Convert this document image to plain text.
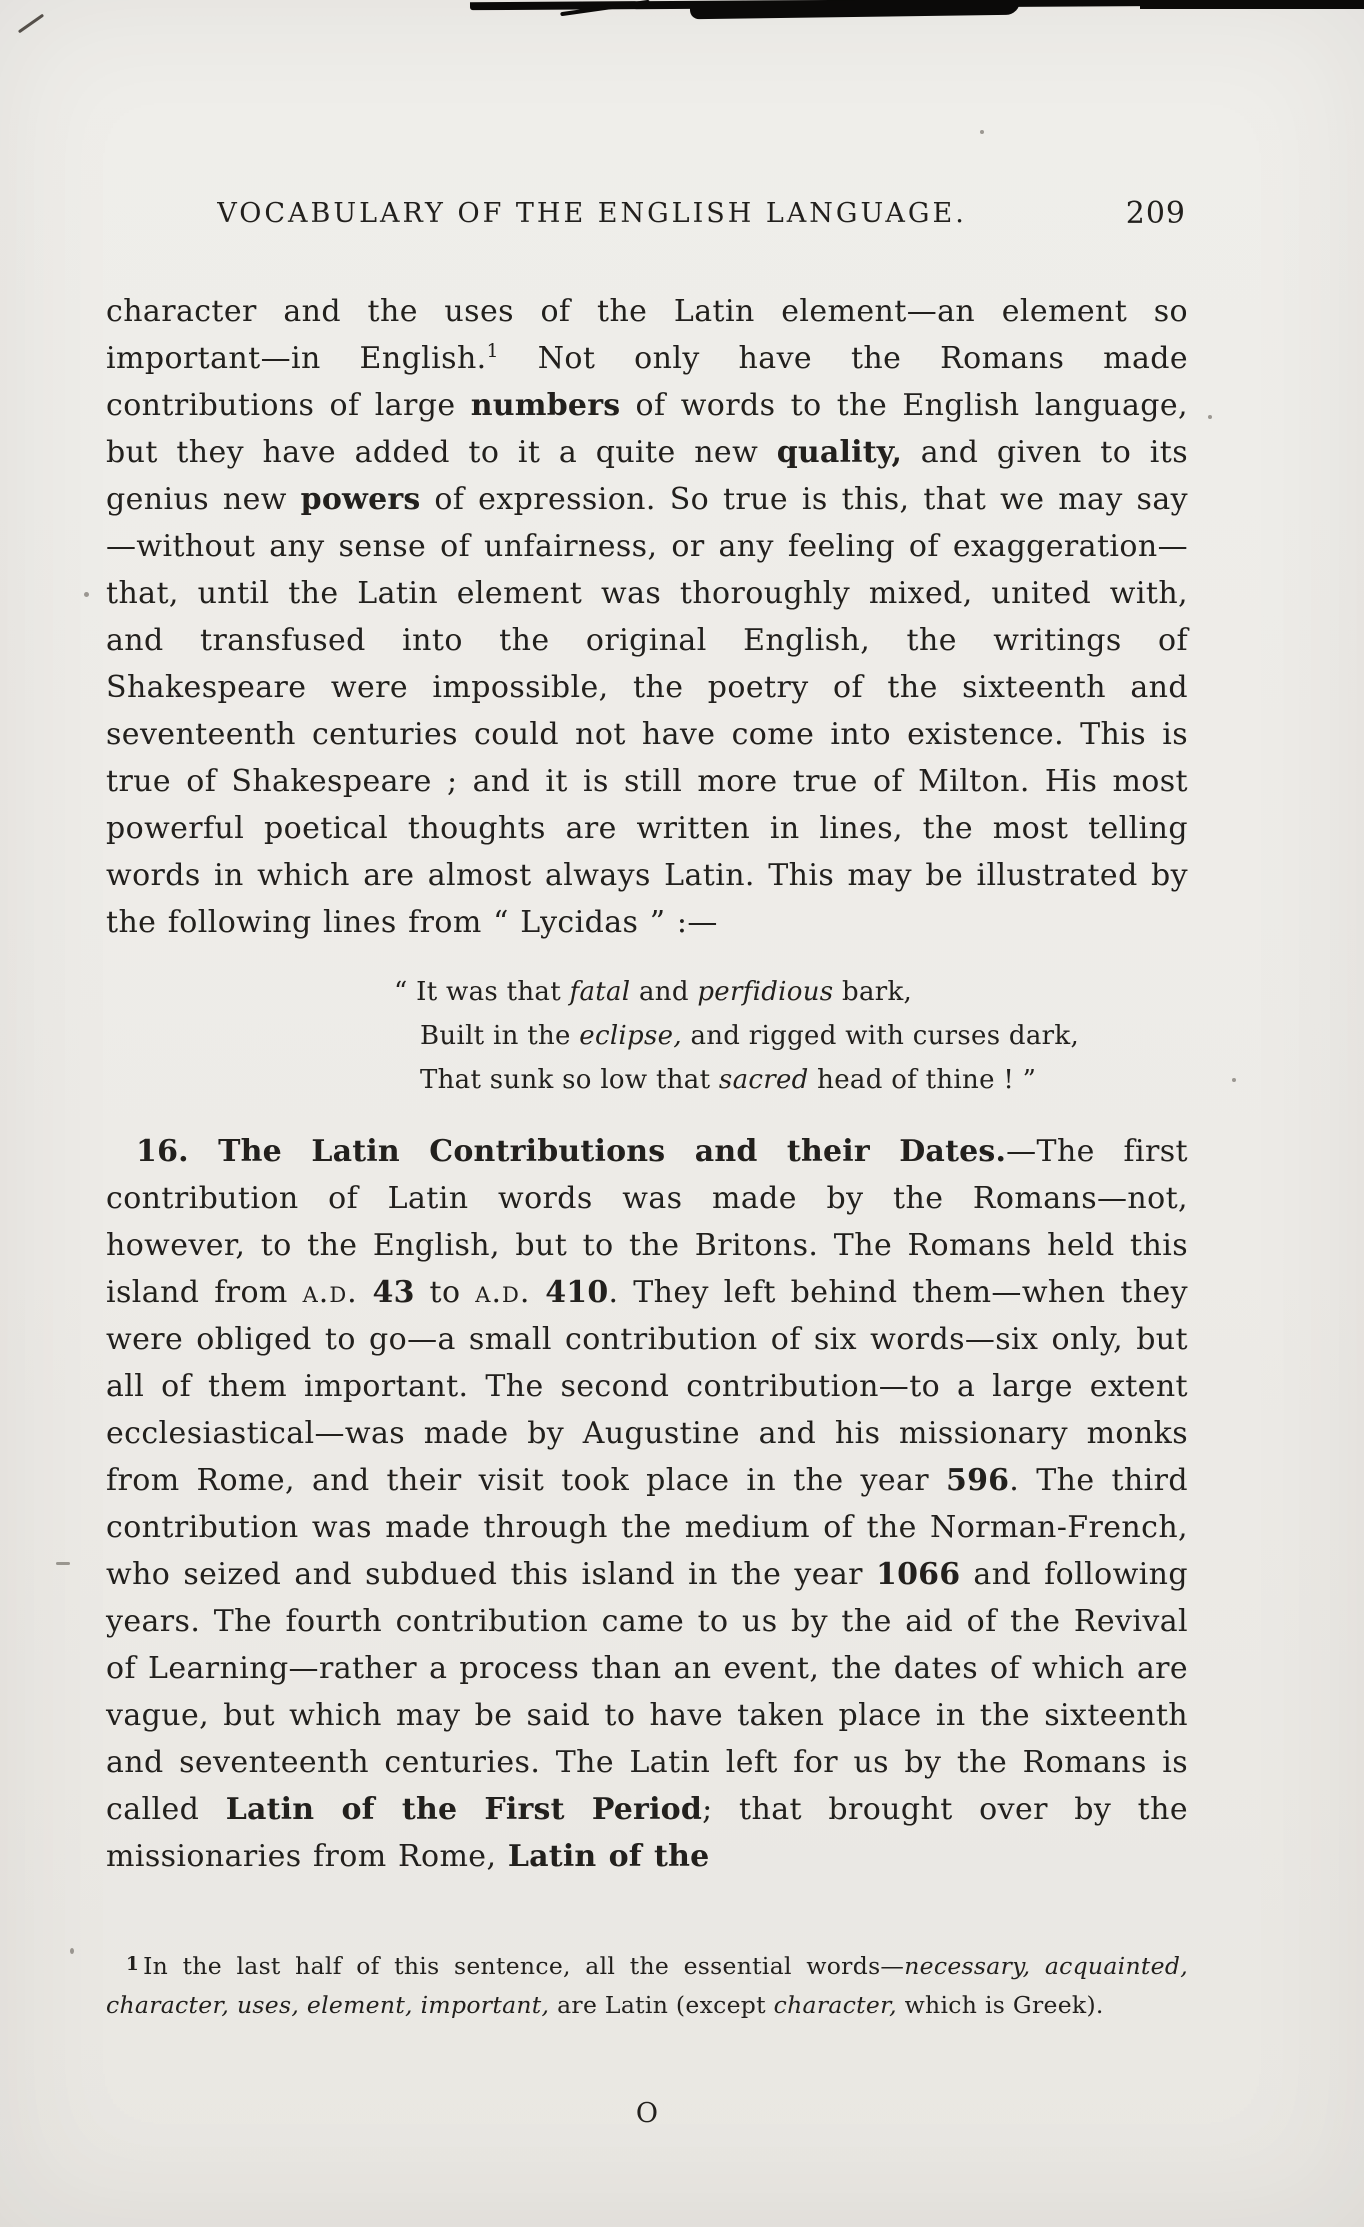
VOCABULARY OF THE ENGLISH LANGUAGE.	209

character and the uses of the Latin element—an element so important—in English.$^1$ Not only have the Romans made contributions of large numbers of words to the English language, but they have added to it a quite new quality, and given to its genius new powers of expression. So true is this, that we may say—without any sense of unfairness, or any feeling of exaggeration—that, until the Latin element was thoroughly mixed, united with, and transfused into the original English, the writings of Shakespeare were impossible, the poetry of the sixteenth and seventeenth centuries could not have come into existence. This is true of Shakespeare ; and it is still more true of Milton. His most powerful poetical thoughts are written in lines, the most telling words in which are almost always Latin. This may be illustrated by the following lines from “ Lycidas ” :—

“ It was that fatal and perfidious bark,
Built in the eclipse, and rigged with curses dark,
That sunk so low that sacred head of thine ! ”

16. The Latin Contributions and their Dates.—The first contribution of Latin words was made by the Romans—not, however, to the English, but to the Britons. The Romans held this island from a.d. 43 to a.d. 410. They left behind them—when they were obliged to go—a small contribution of six words—six only, but all of them important. The second contribution—to a large extent ecclesiastical—was made by Augustine and his missionary monks from Rome, and their visit took place in the year 596. The third contribution was made through the medium of the Norman-French, who seized and subdued this island in the year 1066 and following years. The fourth contribution came to us by the aid of the Revival of Learning—rather a process than an event, the dates of which are vague, but which may be said to have taken place in the sixteenth and seventeenth centuries. The Latin left for us by the Romans is called Latin of the First Period; that brought over by the missionaries from Rome, Latin of the

1 In the last half of this sentence, all the essential words—necessary, acquainted, character, uses, element, important, are Latin (except character, which is Greek).

O
